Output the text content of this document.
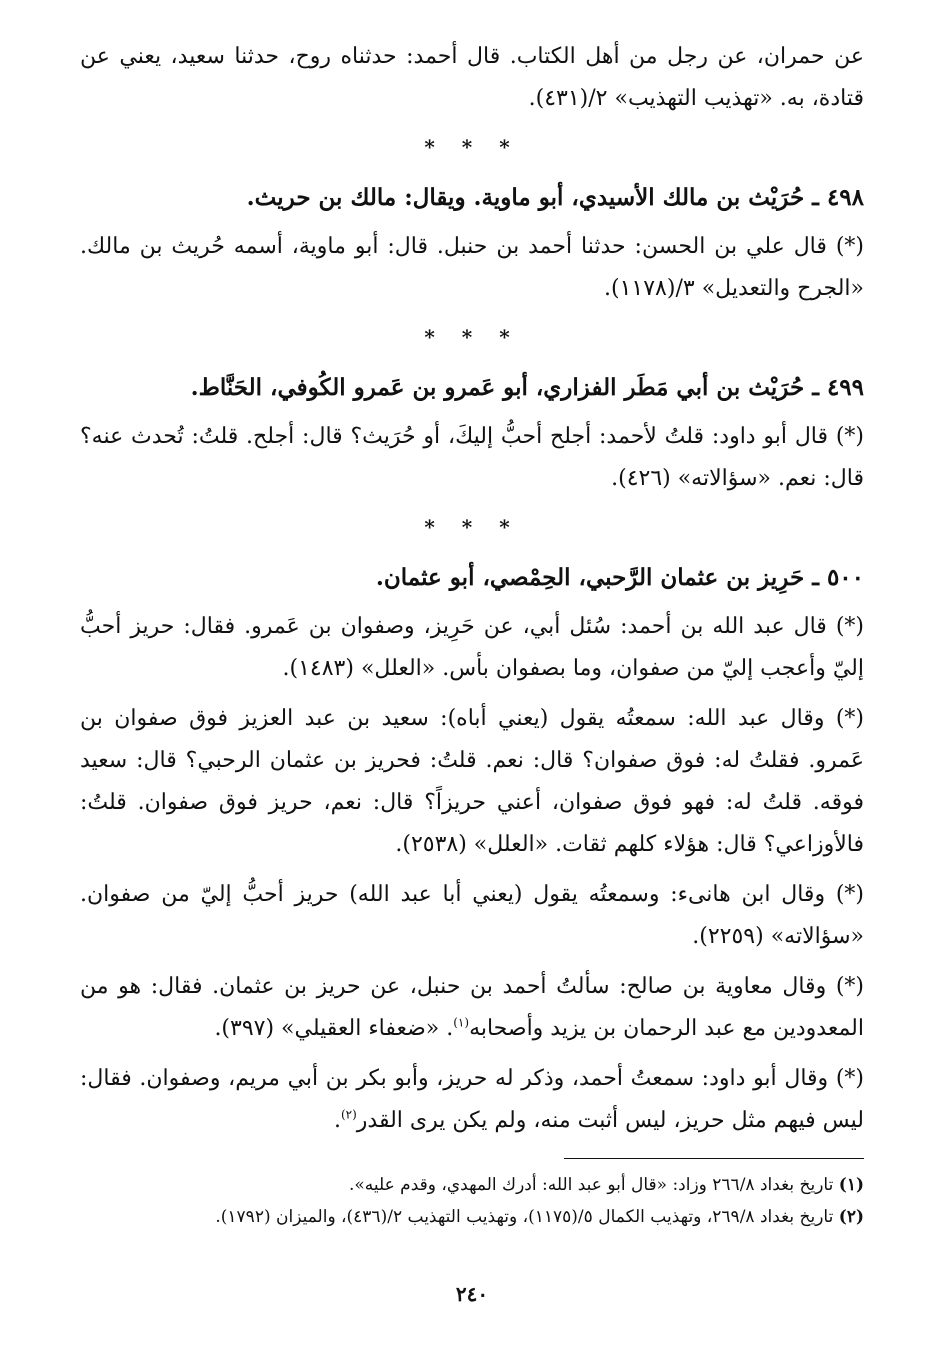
عن حمران، عن رجل من أهل الكتاب. قال أحمد: حدثناه روح، حدثنا سعيد، يعني عن قتادة، به. «تهذيب التهذيب» ٢/(٤٣١).

* * *

٤٩٨ ـ حُرَيْث بن مالك الأسيدي، أبو ماوية. ويقال: مالك بن حريث.

(*) قال علي بن الحسن: حدثنا أحمد بن حنبل. قال: أبو ماوية، أسمه حُريث بن مالك. «الجرح والتعديل» ٣/(١١٧٨).

* * *

٤٩٩ ـ حُرَيْث بن أبي مَطَر الفزاري، أبو عَمرو بن عَمرو الكُوفي، الحَنَّاط.

(*) قال أبو داود: قلتُ لأحمد: أجلح أحبُّ إليكَ، أو حُرَيث؟ قال: أجلح. قلتُ: تُحدث عنه؟ قال: نعم. «سؤالاته» (٤٢٦).

* * *

٥٠٠ ـ حَرِيز بن عثمان الرَّحبي، الحِمْصي، أبو عثمان.

(*) قال عبد الله بن أحمد: سُئل أبي، عن حَرِيز، وصفوان بن عَمرو. فقال: حريز أحبُّ إليّ وأعجب إليّ من صفوان، وما بصفوان بأس. «العلل» (١٤٨٣).

(*) وقال عبد الله: سمعتُه يقول (يعني أباه): سعيد بن عبد العزيز فوق صفوان بن عَمرو. فقلتُ له: فوق صفوان؟ قال: نعم. قلتُ: فحريز بن عثمان الرحبي؟ قال: سعيد فوقه. قلتُ له: فهو فوق صفوان، أعني حريزاً؟ قال: نعم، حريز فوق صفوان. قلتُ: فالأوزاعي؟ قال: هؤلاء كلهم ثقات. «العلل» (٢٥٣٨).

(*) وقال ابن هانىء: وسمعتُه يقول (يعني أبا عبد الله) حريز أحبُّ إليّ من صفوان. «سؤالاته» (٢٢٥٩).

(*) وقال معاوية بن صالح: سألتُ أحمد بن حنبل، عن حريز بن عثمان. فقال: هو من المعدودين مع عبد الرحمان بن يزيد وأصحابه$^{(١)}$. «ضعفاء العقيلي» (٣٩٧).

(*) وقال أبو داود: سمعتُ أحمد، وذكر له حريز، وأبو بكر بن أبي مريم، وصفوان. فقال: ليس فيهم مثل حريز، ليس أثبت منه، ولم يكن يرى القدر$^{(٢)}$.

(١) تاريخ بغداد ٢٦٦/٨ وزاد: «قال أبو عبد الله: أدرك المهدي، وقدم عليه».

(٢) تاريخ بغداد ٢٦٩/٨، وتهذيب الكمال ٥/(١١٧٥)، وتهذيب التهذيب ٢/(٤٣٦)، والميزان (١٧٩٢).

٢٤٠
